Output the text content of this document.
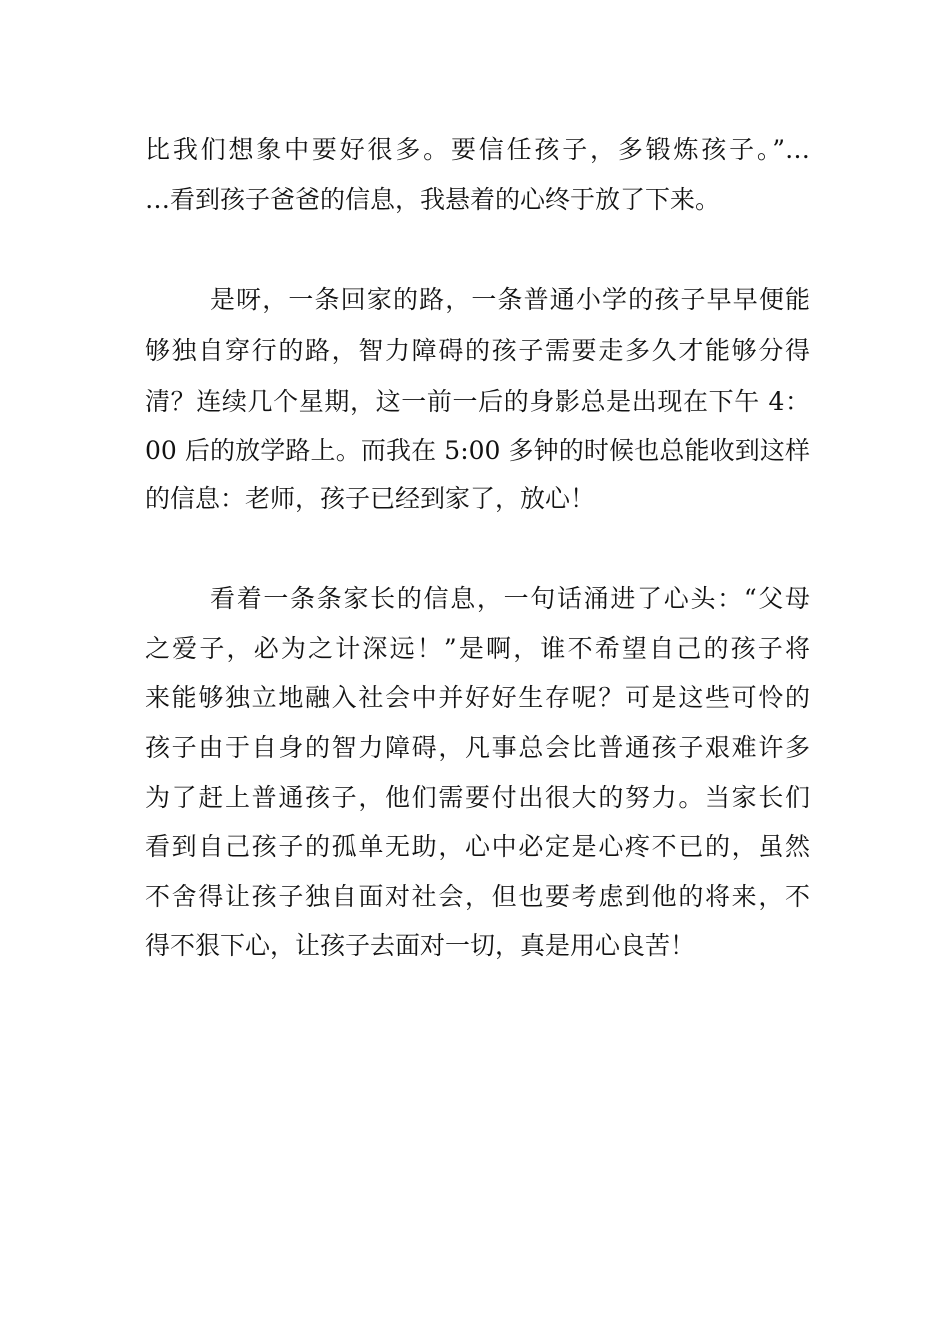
比我们想象中要好很多。要信任孩子，多锻炼孩子。”…
…看到孩子爸爸的信息，我悬着的心终于放了下来。
是呀，一条回家的路，一条普通小学的孩子早早便能
够独自穿行的路，智力障碍的孩子需要走多久才能够分得
清？连续几个星期，这一前一后的身影总是出现在下午 4：
00 后的放学路上。而我在 5:00 多钟的时候也总能收到这样
的信息：老师，孩子已经到家了，放心！
看着一条条家长的信息，一句话涌进了心头：“父母
之爱子，必为之计深远！”是啊，谁不希望自己的孩子将
来能够独立地融入社会中并好好生存呢？可是这些可怜的
孩子由于自身的智力障碍，凡事总会比普通孩子艰难许多
为了赶上普通孩子，他们需要付出很大的努力。当家长们
看到自己孩子的孤单无助，心中必定是心疼不已的，虽然
不舍得让孩子独自面对社会，但也要考虑到他的将来，不
得不狠下心，让孩子去面对一切，真是用心良苦！
